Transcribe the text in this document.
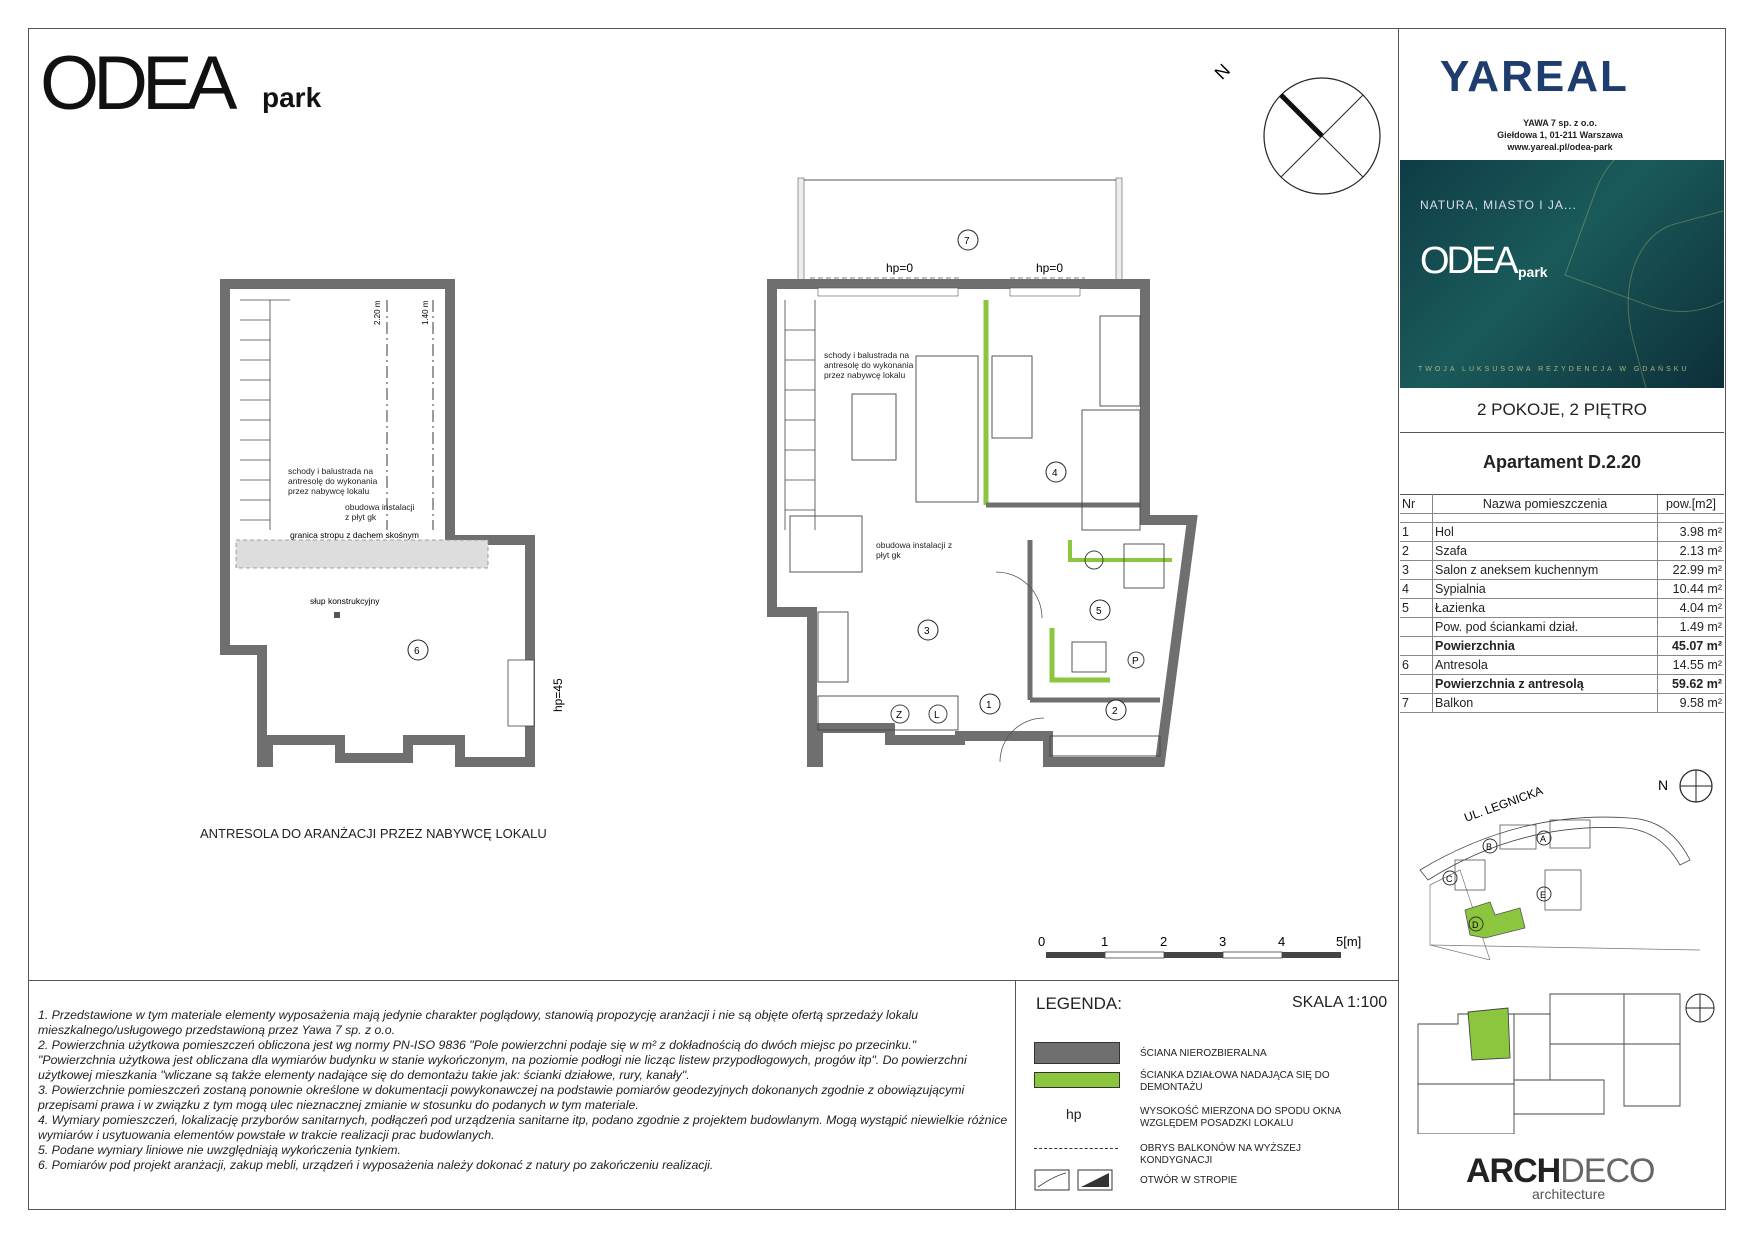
ODEA park
N	YAREAL
YAWA 7 sp. z o.o.
Giełdowa 1, 01-211 Warszawa
www.yareal.pl/odea-park
NATURA, MIASTO I JA...
ODEA park
TWOJA LUKSUSOWA REZYDENCJA W GDAŃSKU
2 POKOJE, 2 PIĘTRO
Apartament D.2.20
Nr	Nazwa pomieszczenia	pow.[m2]

1	Hol	3.98 m²
2	Szafa	2.13 m²
3	Salon z aneksem kuchennym	22.99 m²
4	Sypialnia	10.44 m²
5	Łazienka	4.04 m²
	Pow. pod ściankami dział.	1.49 m²
	Powierzchnia	45.07 m²
6	Antresola	14.55 m²
	Powierzchnia z antresolą	59.62 m²
7	Balkon	9.58 m²
N
UL. LEGNICKA
A
B
C
D
E
2.20 m	1.40 m
schody i balustrada na antresolę do wykonania przez nabywcę lokalu
obudowa instalacji z płyt gk
granica stropu z dachem skośnym
słup konstrukcyjny
6
hp=45
7
hp=0	hp=0
schody i balustrada na antresolę do wykonania przez nabywcę lokalu
obudowa instalacji z płyt gk
Z	L
P
1
2
3
4
5
0	1	2	3	4	5[m]
ANTRESOLA DO ARANŻACJI PRZEZ NABYWCĘ LOKALU

1. Przedstawione w tym materiale elementy wyposażenia mają jedynie charakter poglądowy, stanowią propozycję aranżacji i nie są objęte ofertą sprzedaży lokalu mieszkalnego/usługowego przedstawioną przez Yawa 7 sp. z o.o.

2. Powierzchnia użytkowa pomieszczeń obliczona jest wg normy PN-ISO 9836 "Pole powierzchni podaje się w m² z dokładnością do dwóch miejsc po przecinku."

"Powierzchnia użytkowa jest obliczana dla wymiarów budynku w stanie wykończonym, na poziomie podłogi nie licząc listew przypodłogowych, progów itp". Do powierzchni użytkowej mieszkania "wliczane są także elementy nadające się do demontażu takie jak: ścianki działowe, rury, kanały".

3. Powierzchnie pomieszczeń zostaną ponownie określone w dokumentacji powykonawczej na podstawie pomiarów geodezyjnych dokonanych zgodnie z obowiązującymi przepisami prawa i w związku z tym mogą ulec nieznacznej zmianie w stosunku do podanych w tym materiale.

4. Wymiary pomieszczeń, lokalizację przyborów sanitarnych, podłączeń pod urządzenia sanitarne itp, podano zgodnie z projektem budowlanym. Mogą wystąpić niewielkie różnice wymiarów i usytuowania elementów powstałe w trakcie realizacji prac budowlanych.

5. Podane wymiary liniowe nie uwzględniają wykończenia tynkiem.

6. Pomiarów pod projekt aranżacji, zakup mebli, urządzeń i wyposażenia należy dokonać z natury po zakończeniu realizacji.

LEGENDA:	SKALA 1:100
ŚCIANA NIEROZBIERALNA
ŚCIANKA DZIAŁOWA NADAJĄCA SIĘ DO DEMONTAŻU
hp	WYSOKOŚĆ MIERZONA DO SPODU OKNA WZGLĘDEM POSADZKI LOKALU
OBRYS BALKONÓW NA WYŻSZEJ KONDYGNACJI
OTWÓR W STROPIE	ARCHDECO
architecture
